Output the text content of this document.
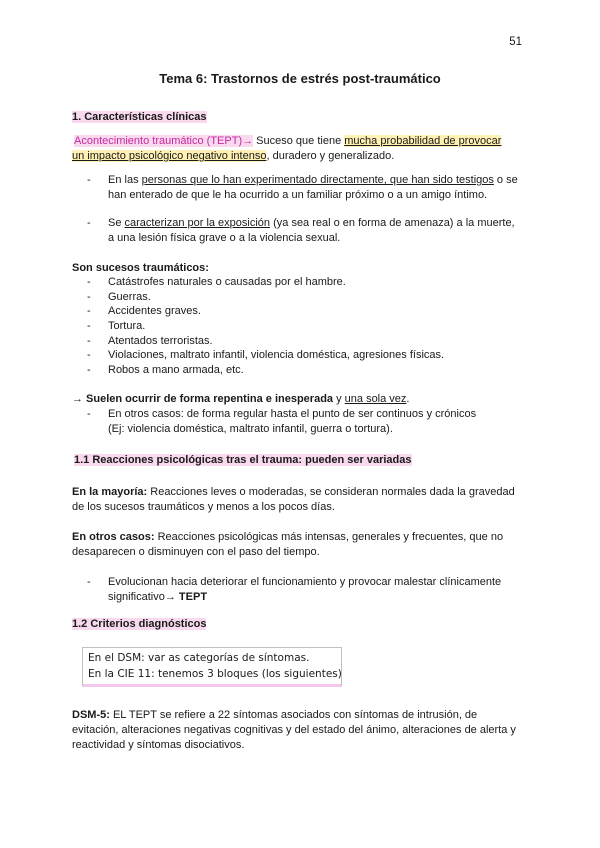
51
Tema 6: Trastornos de estrés post-traumático
1. Características clínicas
Acontecimiento traumático (TEPT)→ Suceso que tiene mucha probabilidad de provocar
un impacto psicológico negativo intenso, duradero y generalizado.
- En las personas que lo han experimentado directamente, que han sido testigos o se
han enterado de que le ha ocurrido a un familiar próximo o a un amigo íntimo.
- Se caracterizan por la exposición (ya sea real o en forma de amenaza) a la muerte,
a una lesión física grave o a la violencia sexual.
Son sucesos traumáticos:
- Catástrofes naturales o causadas por el hambre.
- Guerras.
- Accidentes graves.
- Tortura.
- Atentados terroristas.
- Violaciones, maltrato infantil, violencia doméstica, agresiones físicas.
- Robos a mano armada, etc.
→ Suelen ocurrir de forma repentina e inesperada y una sola vez.
- En otros casos: de forma regular hasta el punto de ser continuos y crónicos
(Ej: violencia doméstica, maltrato infantil, guerra o tortura).
1.1 Reacciones psicológicas tras el trauma: pueden ser variadas
En la mayoría: Reacciones leves o moderadas, se consideran normales dada la gravedad
de los sucesos traumáticos y menos a los pocos días.
En otros casos: Reacciones psicológicas más intensas, generales y frecuentes, que no
desaparecen o disminuyen con el paso del tiempo.
- Evolucionan hacia deteriorar el funcionamiento y provocar malestar clínicamente
significativo→ TEPT
1.2 Criterios diagnósticos
En el DSM: var as categorías de síntomas.
En la CIE 11: tenemos 3 bloques (los siguientes)
DSM-5: EL TEPT se refiere a 22 síntomas asociados con síntomas de intrusión, de
evitación, alteraciones negativas cognitivas y del estado del ánimo, alteraciones de alerta y
reactividad y síntomas disociativos.
